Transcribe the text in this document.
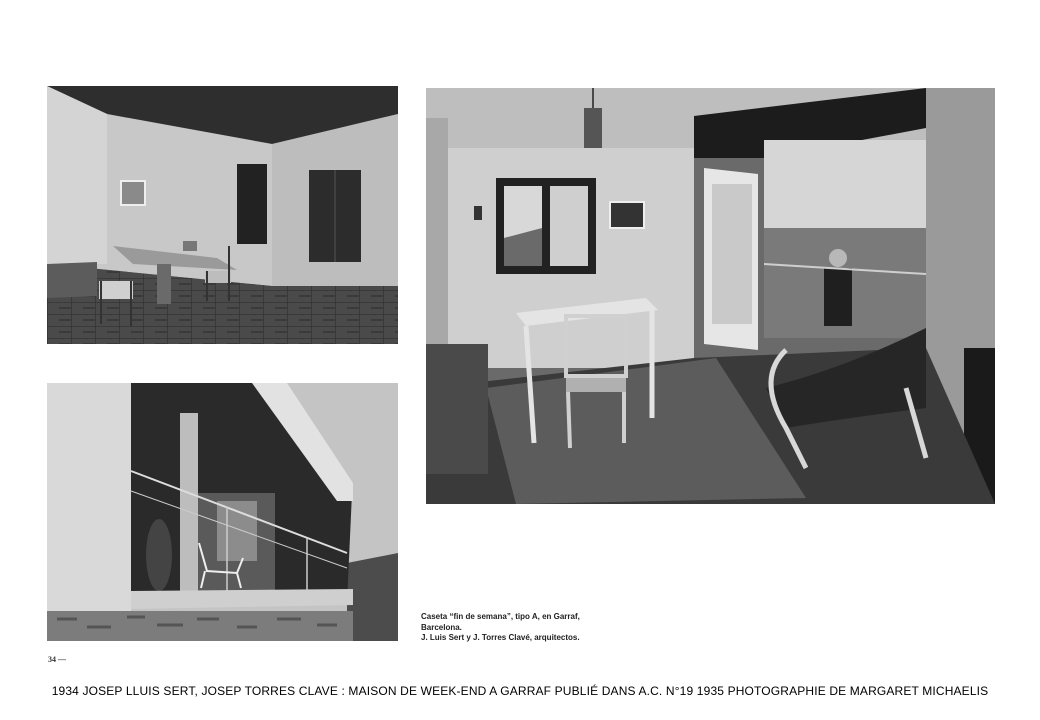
Caseta “fin de semana”, tipo A, en Garraf,
Barcelona.
J. Luis Sert y J. Torres Clavé, arquitectos.
34 —
1934 JOSEP LLUIS SERT, JOSEP TORRES CLAVE : MAISON DE WEEK-END A GARRAF PUBLIÉ DANS A.C. N°19 1935 PHOTOGRAPHIE DE MARGARET MICHAELIS
